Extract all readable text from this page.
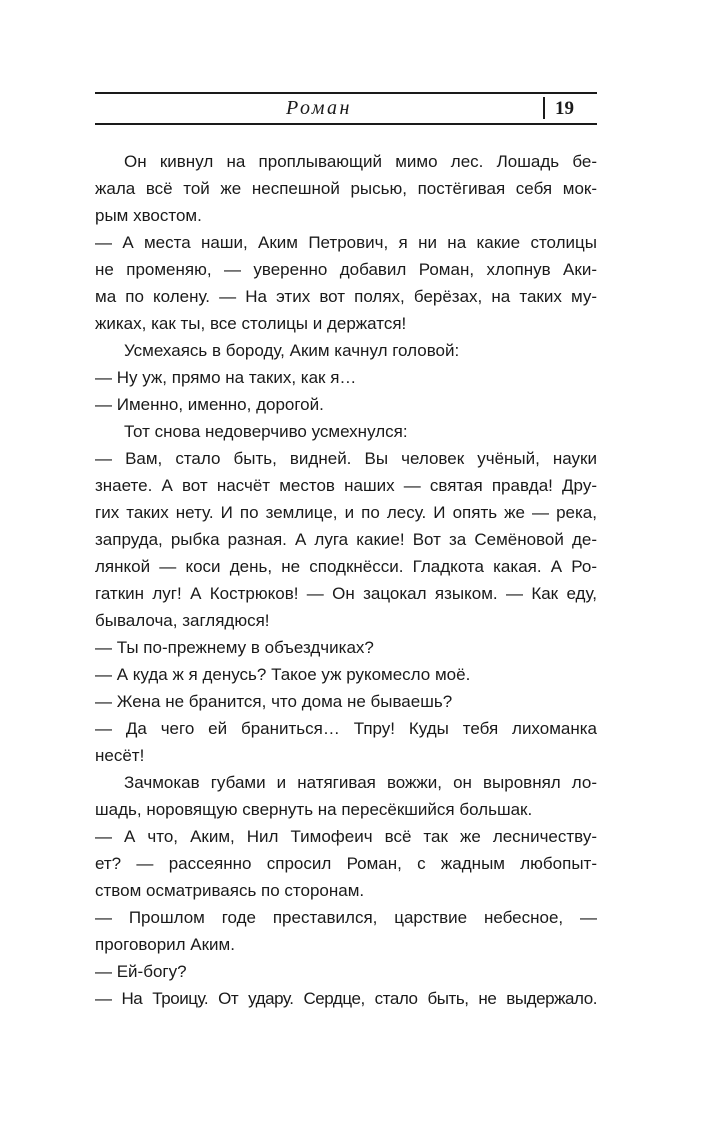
Роман	19
Он кивнул на проплывающий мимо лес. Лошадь бе-
жала всё той же неспешной рысью, постёгивая себя мок-
рым хвостом.
— А места наши, Аким Петрович, я ни на какие столицы
не променяю, — уверенно добавил Роман, хлопнув Аки-
ма по колену. — На этих вот полях, берёзах, на таких му-
жиках, как ты, все столицы и держатся!
Усмехаясь в бороду, Аким качнул головой:
— Ну уж, прямо на таких, как я…
— Именно, именно, дорогой.
Тот снова недоверчиво усмехнулся:
— Вам, стало быть, видней. Вы человек учёный, науки
знаете. А вот насчёт местов наших — святая правда! Дру-
гих таких нету. И по землице, и по лесу. И опять же — река,
запруда, рыбка разная. А луга какие! Вот за Семёновой де-
лянкой — коси день, не сподкнёсси. Гладкота какая. А Ро-
гаткин луг! А Кострюков! — Он зацокал языком. — Как еду,
бывалоча, заглядюся!
— Ты по-прежнему в объездчиках?
— А куда ж я денусь? Такое уж рукомесло моё.
— Жена не бранится, что дома не бываешь?
— Да чего ей браниться… Тпру! Куды тебя лихоманка
несёт!
Зачмокав губами и натягивая вожжи, он выровнял ло-
шадь, норовящую свернуть на пересёкшийся большак.
— А что, Аким, Нил Тимофеич всё так же лесничеству-
ет? — рассеянно спросил Роман, с жадным любопыт-
ством осматриваясь по сторонам.
— Прошлом годе преставился, царствие небесное, —
проговорил Аким.
— Ей-богу?
— На Троицу. От удару. Сердце, стало быть, не выдержало.
